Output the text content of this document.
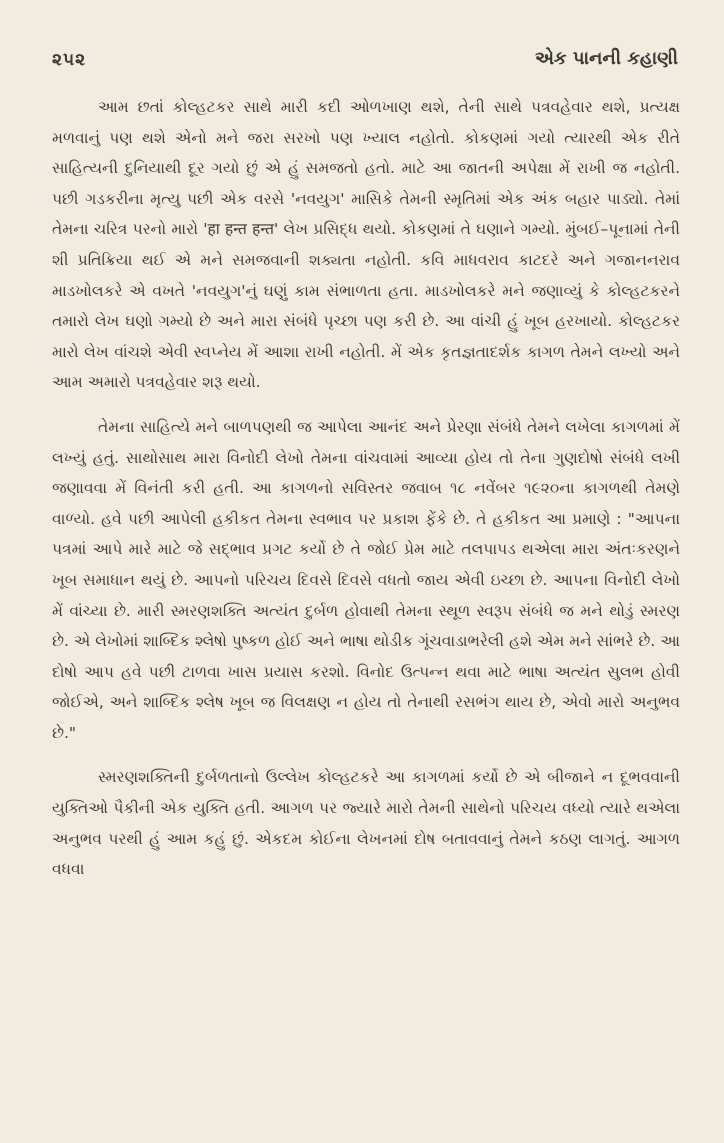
૨૫૨	એક પાનની કહાણી

આમ છતાં કોલ્હટકર સાથે મારી કદી ઓળખાણ થશે, તેની સાથે પત્રવહેવાર થશે, પ્રત્યક્ષ મળવાનું પણ થશે એનો મને જરા સરખો પણ ખ્યાલ નહોતો. કોકણમાં ગયો ત્યારથી એક રીતે સાહિત્યની દુનિયાથી દૂર ગયો છું એ હું સમજતો હતો. માટે આ જાતની અપેક્ષા મેં રાખી જ નહોતી. પછી ગડકરીના મૃત્યુ પછી એક વરસે 'નવયુગ' માસિકે તેમની સ્મૃતિમાં એક અંક બહાર પાડ્યો. તેમાં તેમના ચરિત્ર પરનો મારો 'हा हन्त हन्त' લેખ પ્રસિદ્ધ થયો. કોકણમાં તે ઘણાને ગમ્યો. મુંબઈ–પૂનામાં તેની શી પ્રતિક્રિયા થઈ એ મને સમજવાની શક્યતા નહોતી. કવિ માધવરાવ કાટદરે અને ગજાનનરાવ માડખોલકરે એ વખતે 'નવયુગ'નું ઘણું કામ સંભાળતા હતા. માડખોલકરે મને જણાવ્યું કે કોલ્હટકરને તમારો લેખ ઘણો ગમ્યો છે અને મારા સંબંધે પૃચ્છા પણ કરી છે. આ વાંચી હું ખૂબ હરખાયો. કોલ્હટકર મારો લેખ વાંચશે એવી સ્વપ્નેય મેં આશા રાખી નહોતી. મેં એક કૃતજ્ઞતાદર્શક કાગળ તેમને લખ્યો અને આમ અમારો પત્રવહેવાર શરૂ થયો.

તેમના સાહિત્યે મને બાળપણથી જ આપેલા આનંદ અને પ્રેરણા સંબંધે તેમને લખેલા કાગળમાં મેં લખ્યું હતું. સાથોસાથ મારા વિનોદી લેખો તેમના વાંચવામાં આવ્યા હોય તો તેના ગુણદોષો સંબંધે લખી જણાવવા મેં વિનંતી કરી હતી. આ કાગળનો સવિસ્તર જવાબ ૧૮ નવેંબર ૧૯૨૦ના કાગળથી તેમણે વાળ્યો. હવે પછી આપેલી હકીકત તેમના સ્વભાવ પર પ્રકાશ ફેંકે છે. તે હકીકત આ પ્રમાણે : "આપના પત્રમાં આપે મારે માટે જે સદ્ભાવ પ્રગટ કર્યો છે તે જોઈ પ્રેમ માટે તલપાપડ થએલા મારા અંતઃકરણને ખૂબ સમાધાન થયું છે. આપનો પરિચય દિવસે દિવસે વધતો જાય એવી ઇચ્છા છે. આપના વિનોદી લેખો મેં વાંચ્યા છે. મારી સ્મરણશક્તિ અત્યંત દુર્બળ હોવાથી તેમના સ્થૂળ સ્વરૂપ સંબંધે જ મને થોડું સ્મરણ છે. એ લેખોમાં શાબ્દિક શ્લેષો પુષ્કળ હોઈ અને ભાષા થોડીક ગૂંચવાડાભરેલી હશે એમ મને સાંભરે છે. આ દોષો આપ હવે પછી ટાળવા ખાસ પ્રયાસ કરશો. વિનોદ ઉત્પન્ન થવા માટે ભાષા અત્યંત સુલભ હોવી જોઈએ, અને શાબ્દિક શ્લેષ ખૂબ જ વિલક્ષણ ન હોય તો તેનાથી રસભંગ થાય છે, એવો મારો અનુભવ છે."

સ્મરણશક્તિની દુર્બળતાનો ઉલ્લેખ કોલ્હટકરે આ કાગળમાં કર્યો છે એ બીજાને ન દૂભવવાની યુક્તિઓ પૈકીની એક યુક્તિ હતી. આગળ પર જ્યારે મારો તેમની સાથેનો પરિચય વધ્યો ત્યારે થએલા અનુભવ પરથી હું આમ કહું છું. એકદમ કોઈના લેખનમાં દોષ બતાવવાનું તેમને કઠણ લાગતું. આગળ વધવા
